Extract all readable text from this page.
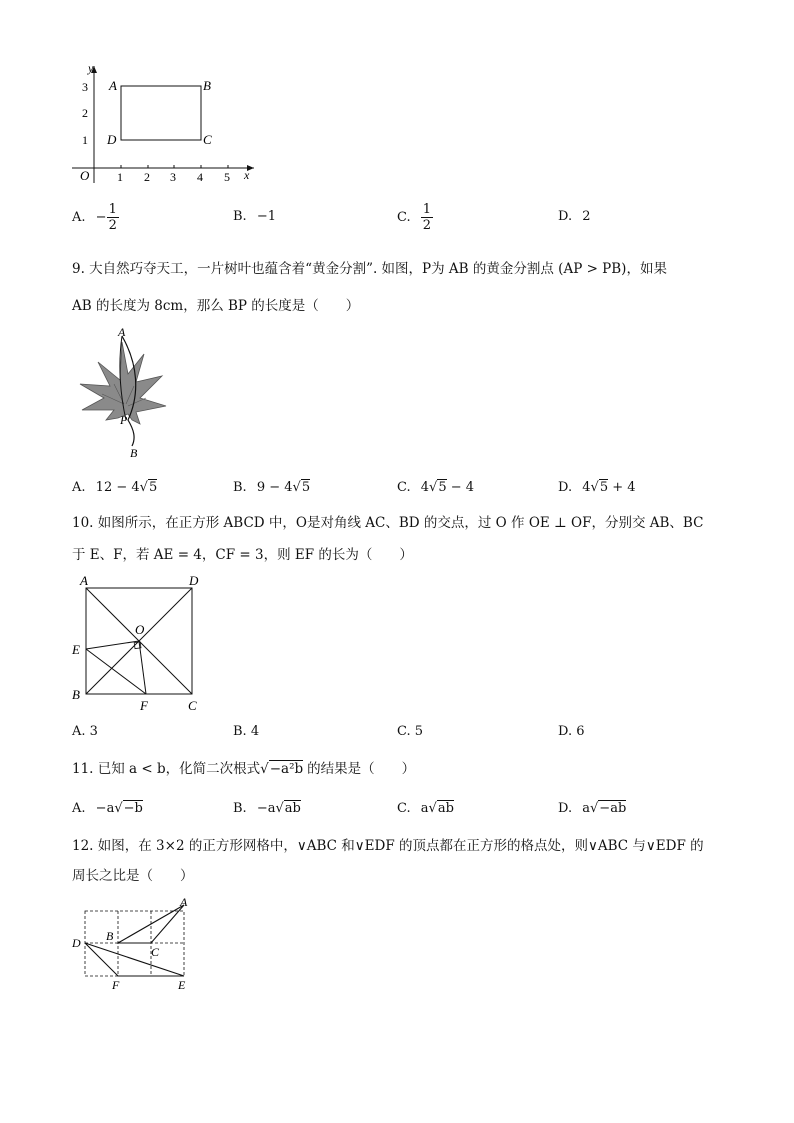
y
x
O 1 2 3 4 5
1
2
3 A	B
C
D
A. − $\frac{1}{2}$	B. −1	C. $\frac{1}{2}$	D. 2
9. 大自然巧夺天工，一片树叶也蕴含着“黄金分割”. 如图，P为 AB 的黄金分割点 (AP > PB)，如果
AB 的长度为 8cm，那么 BP 的长度是（　　）
A
P
B
A. 12 − 4√5	B. 9 − 4√5	C. 4√5 − 4	D. 4√5 + 4
10. 如图所示，在正方形 ABCD 中，O是对角线 AC、BD 的交点，过 O 作 OE ⊥ OF，分别交 AB、BC
于 E、F，若 AE = 4，CF = 3，则 EF 的长为（　　）
A	D
O
E
B
F	C
A. 3	B. 4	C. 5	D. 6
11. 已知 a < b，化简二次根式√−a²b 的结果是（　　）
A. −a√−b	B. −a√ab	C. a√ab	D. a√−ab
12. 如图，在 3×2 的正方形网格中，∨ABC 和∨EDF 的顶点都在正方形的格点处，则∨ABC 与∨EDF 的
周长之比是（　　）
A
B
C
D
F	E
